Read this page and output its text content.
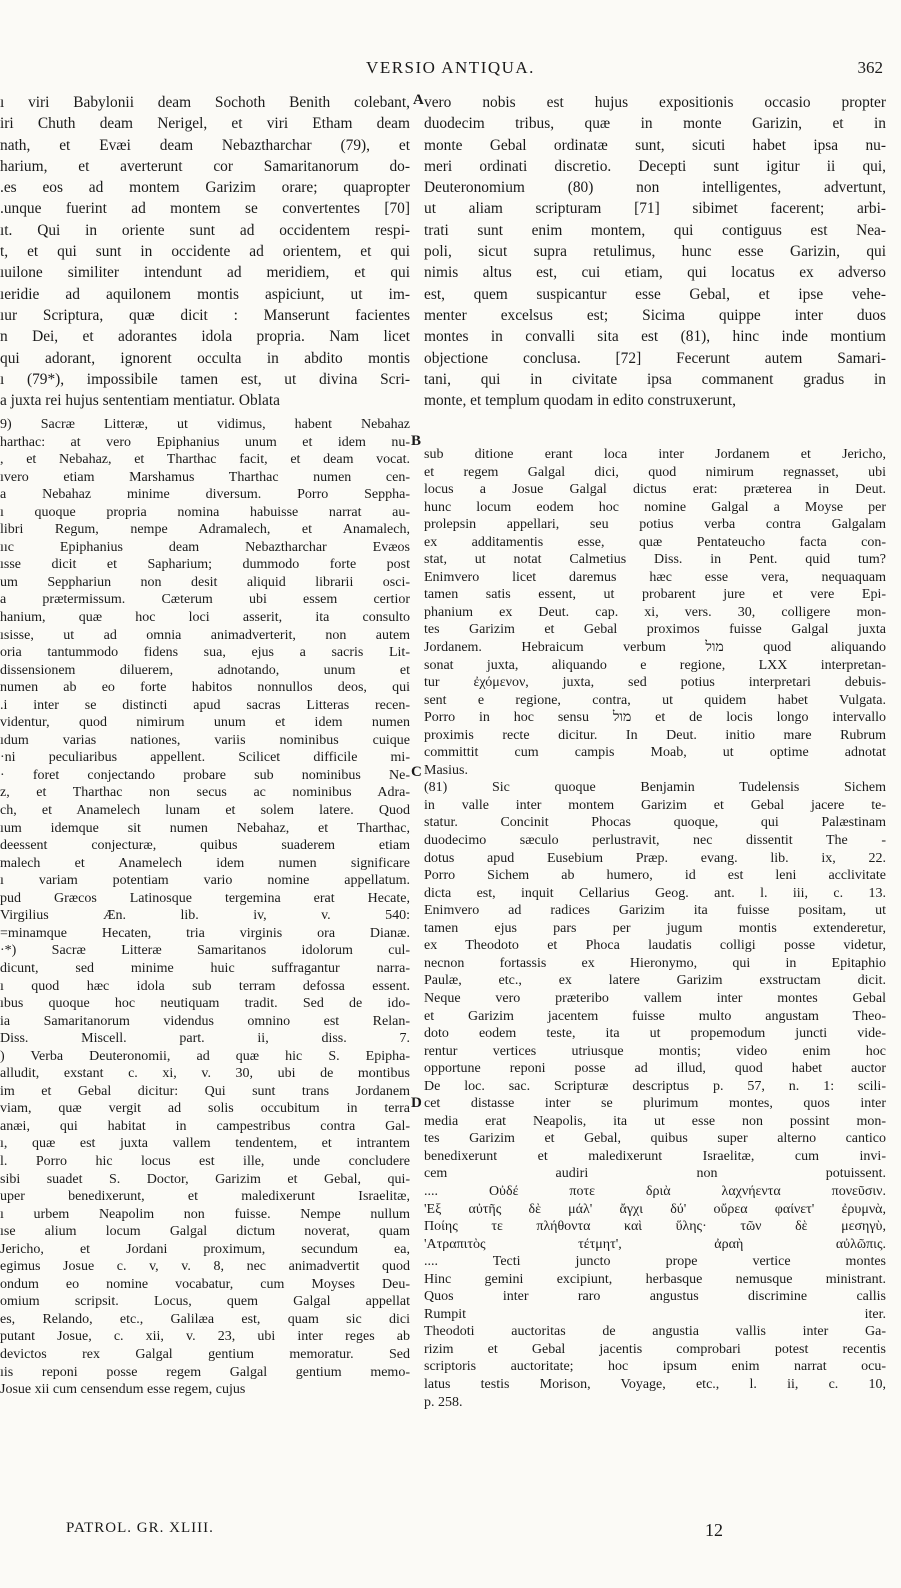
VERSIO ANTIQUA.	362
ı viri Babylonii deam Sochoth Benith colebant,
iri Chuth deam Nerigel, et viri Etham deam
nath, et Evæi deam Nebaztharchar (79), et
harium, et averterunt cor Samaritanorum do-
.es eos ad montem Garizim orare; quapropter
.unque fuerint ad montem se convertentes [70]
ıt. Qui in oriente sunt ad occidentem respi-
t, et qui sunt in occidente ad orientem, et qui
ıuilone similiter intendunt ad meridiem, et qui
ıeridie ad aquilonem montis aspiciunt, ut im-
ıur Scriptura, quæ dicit : Manserunt facientes
n Dei, et adorantes idola propria. Nam licet
qui adorant, ignorent occulta in abdito montis
ı (79*), impossibile tamen est, ut divina Scri-
a juxta rei hujus sententiam mentiatur. Oblata
vero nobis est hujus expositionis occasio propter
duodecim tribus, quæ in monte Garizin, et in
monte Gebal ordinatæ sunt, sicuti habet ipsa nu-
meri ordinati discretio. Decepti sunt igitur ii qui,
Deuteronomium (80) non intelligentes, advertunt,
ut aliam scripturam [71] sibimet facerent; arbi-
trati sunt enim montem, qui contiguus est Nea-
poli, sicut supra retulimus, hunc esse Garizin, qui
nimis altus est, cui etiam, qui locatus ex adverso
est, quem suspicantur esse Gebal, et ipse vehe-
menter excelsus est; Sicima quippe inter duos
montes in convalli sita est (81), hinc inde montium
objectione conclusa. [72] Fecerunt autem Samari-
tani, qui in civitate ipsa commanent gradus in
monte, et templum quodam in edito construxerunt,
9) Sacræ Litteræ, ut vidimus, habent Nebahaz
harthac: at vero Epiphanius unum et idem nu-
, et Nebahaz, et Tharthac facit, et deam vocat.
ıvero etiam Marshamus Tharthac numen cen-
a Nebahaz minime diversum. Porro Seppha-
ı quoque propria nomina habuisse narrat au-
libri Regum, nempe Adramalech, et Anamalech,
ııc Epiphanius deam Nebaztharchar Evæos
ısse dicit et Sapharium; dummodo forte post
um Sepphariun non desit aliquid librarii osci-
a prætermissum. Cæterum ubi essem certior
hanium, quæ hoc loci asserit, ita consulto
ısisse, ut ad omnia animadverterit, non autem
oria tantummodo fidens sua, ejus a sacris Lit-
dissensionem diluerem, adnotando, unum et
numen ab eo forte habitos nonnullos deos, qui
.i inter se distincti apud sacras Litteras recen-
videntur, quod nimirum unum et idem numen
ıdum varias nationes, variis nominibus cuique
·ni peculiaribus appellent. Scilicet difficile mi-
· foret conjectando probare sub nominibus Ne-
z, et Tharthac non secus ac nominibus Adra-
ch, et Anamelech lunam et solem latere. Quod
ıum idemque sit numen Nebahaz, et Tharthac,
deessent conjecturæ, quibus suaderem etiam
malech et Anamelech idem numen significare
ı variam potentiam vario nomine appellatum.
pud Græcos Latinosque tergemina erat Hecate,
Virgilius Æn. lib. iv, v. 540:
=minamque Hecaten, tria virginis ora Dianæ.
·*) Sacræ Litteræ Samaritanos idolorum cul-
dicunt, sed minime huic suffragantur narra-
ı quod hæc idola sub terram defossa essent.
ıbus quoque hoc neutiquam tradit. Sed de ido-
ia Samaritanorum videndus omnino est Relan-
Diss. Miscell. part. ii, diss. 7.
) Verba Deuteronomii, ad quæ hic S. Epipha-
alludit, exstant c. xi, v. 30, ubi de montibus
im et Gebal dicitur: Qui sunt trans Jordanem
viam, quæ vergit ad solis occubitum in terra
anæi, qui habitat in campestribus contra Gal-
ı, quæ est juxta vallem tendentem, et intrantem
l. Porro hic locus est ille, unde concludere
sibi suadet S. Doctor, Garizim et Gebal, qui-
uper benedixerunt, et maledixerunt Israelitæ,
ı urbem Neapolim non fuisse. Nempe nullum
ıse alium locum Galgal dictum noverat, quam
Jericho, et Jordani proximum, secundum ea,
egimus Josue c. v, v. 8, nec animadvertit quod
ondum eo nomine vocabatur, cum Moyses Deu-
omium scripsit. Locus, quem Galgal appellat
es, Relando, etc., Galilæa est, quam sic dici
putant Josue, c. xii, v. 23, ubi inter reges ab
devictos rex Galgal gentium memoratur. Sed
ıis reponi posse regem Galgal gentium memo-
Josue xii cum censendum esse regem, cujus
sub ditione erant loca inter Jordanem et Jericho,
et regem Galgal dici, quod nimirum regnasset, ubi
locus a Josue Galgal dictus erat: præterea in Deut.
hunc locum eodem hoc nomine Galgal a Moyse per
prolepsin appellari, seu potius verba contra Galgalam
ex additamentis esse, quæ Pentateucho facta con-
stat, ut notat Calmetius Diss. in Pent. quid tum?
Enimvero licet daremus hæc esse vera, nequaquam
tamen satis essent, ut probarent jure et vere Epi-
phanium ex Deut. cap. xi, vers. 30, colligere mon-
tes Garizim et Gebal proximos fuisse Galgal juxta
Jordanem. Hebraicum verbum מול quod aliquando
sonat juxta, aliquando e regione, LXX interpretan-
tur ἐχόμενον, juxta, sed potius interpretari debuis-
sent e regione, contra, ut quidem habet Vulgata.
Porro in hoc sensu מול et de locis longo intervallo
proximis recte dicitur. In Deut. initio mare Rubrum
committit cum campis Moab, ut optime adnotat
Masius.
(81) Sic quoque Benjamin Tudelensis Sichem
in valle inter montem Garizim et Gebal jacere te-
statur. Concinit Phocas quoque, qui Palæstinam
duodecimo sæculo perlustravit, nec dissentit The -
dotus apud Eusebium Præp. evang. lib. ix, 22.
Porro Sichem ab humero, id est leni acclivitate
dicta est, inquit Cellarius Geog. ant. l. iii, c. 13.
Enimvero ad radices Garizim ita fuisse positam, ut
tamen ejus pars per jugum montis extenderetur,
ex Theodoto et Phoca laudatis colligi posse videtur,
necnon fortassis ex Hieronymo, qui in Epitaphio
Paulæ, etc., ex latere Garizim exstructam dicit.
Neque vero præteribo vallem inter montes Gebal
et Garizim jacentem fuisse multo angustam Theo-
doto eodem teste, ita ut propemodum juncti vide-
rentur vertices utriusque montis; video enim hoc
opportune reponi posse ad illud, quod habet auctor
De loc. sac. Scripturæ descriptus p. 57, n. 1: scili-
cet distasse inter se plurimum montes, quos inter
media erat Neapolis, ita ut esse non possint mon-
tes Garizim et Gebal, quibus super alterno cantico
benedixerunt et maledixerunt Israelitæ, cum invi-
cem audiri non potuissent.
.... Οὐδέ ποτε δριὰ λαχνήεντα πονεῦσιν.
'Εξ αὐτῆς δὲ μάλ' ἄγχι δύ' οὔρεα φαίνετ' ἐρυμνὰ,
Ποίης τε πλήθοντα καὶ ὕλης· τῶν δὲ μεσηγὺ,
'Ατραπιτὸς τέτμητ', ἀραὴ αὐλῶπις.
.... Tecti juncto prope vertice montes
Hinc gemini excipiunt, herbasque nemusque ministrant.
Quos inter raro angustus discrimine callis
Rumpit iter.
Theodoti auctoritas de angustia vallis inter Ga-
rizim et Gebal jacentis comprobari potest recentis
scriptoris auctoritate; hoc ipsum enim narrat ocu-
latus testis Morison, Voyage, etc., l. ii, c. 10,
p. 258.
A
B
C
D
PATROL. GR. XLIII.	12
